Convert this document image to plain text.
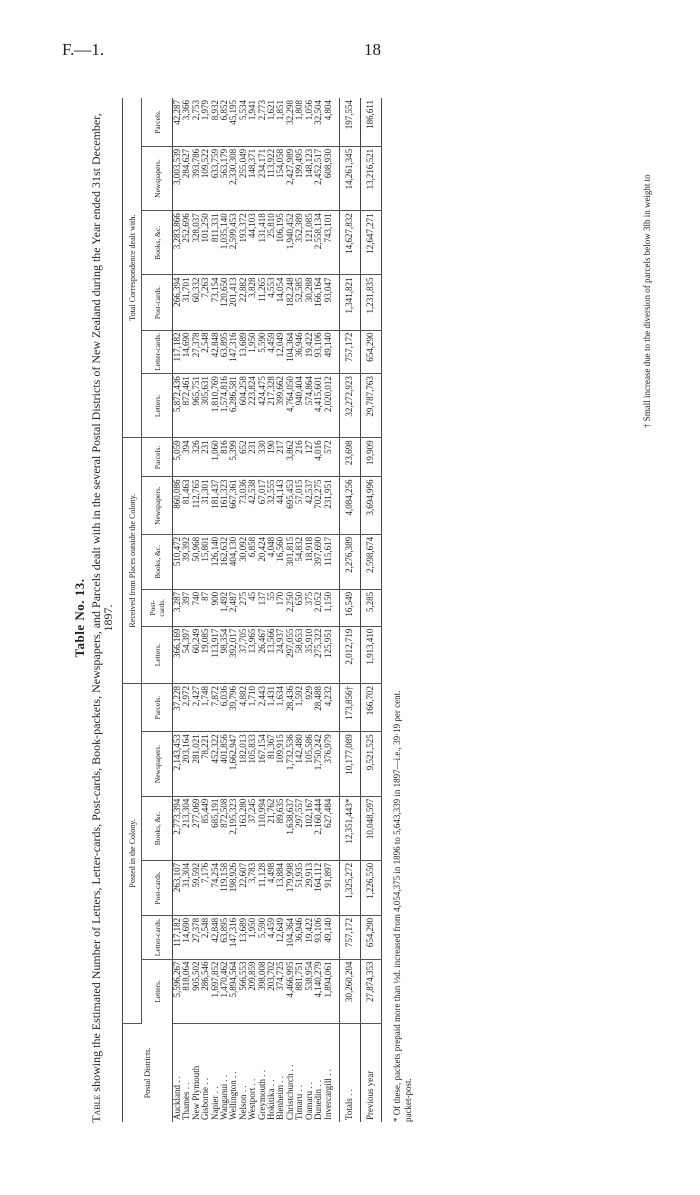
F.—1.	18
Table No. 13.
Table showing the Estimated Number of Letters, Letter-cards, Post-cards, Book-packets, Newspapers, and Parcels dealt with in the several Postal Districts of New Zealand during the Year ended 31st December, 1897.
Postal Districts.	Posted in the Colony.						Received from Places outside the Colony.					Total Correspondence dealt with.					
	Letters.	Letter-cards.	Post-cards.	Books, &c.	Newspapers.	Parcels.	Letters.	Post-cards.	Books, &c.	Newspapers.	Parcels.	Letters.	Letter-cards.	Post-cards.	Books, &c.	Newspapers.	Parcels.
Auckland . .	5,596,267	117,182	263,107	2,773,394	2,143,453	37,228	366,169	3,287	510,472	860,086	5,059	5,872,436	117,182	266,394	3,283,866	3,003,539	42,287
Thames . .	818,064	14,690	31,304	213,304	203,164	2,972	54,397	397	39,392	81,463	394	872,461	14,690	31,701	252,696	284,627	3,366
New Plymouth	905,502	27,378	59,592	277,069	281,021	2,427	60,249	740	50,968	112,765	326	965,751	27,378	60,332	328,037	393,786	2,753
Gisborne . .	286,546	2,548	7,176	85,449	78,221	1,748	19,085	87	15,801	31,301	231	305,631	2,548	7,263	101,250	109,522	1,979
Napier . .	1,697,852	42,848	74,254	685,191	452,322	7,872	113,917	900	126,140	181,437	1,060	1,810,769	42,848	73,154	811,331	633,759	8,932
Wanganui . .	1,470,462	63,895	119,158	872,508	401,856	6,036	98,354	1,492	162,632	161,323	816	1,574,816	63,895	120,650	1,035,140	563,179	6,852
Wellington . .	5,894,564	147,316	198,926	2,195,323	1,662,947	39,796	392,017	2,487	404,130	667,361	5,399	6,286,581	147,316	201,413	2,599,453	2,330,308	45,195
Nelson . .	566,553	13,689	22,607	163,280	182,013	4,882	37,705	275	30,092	73,036	652	604,258	13,689	22,882	193,372	255,049	5,534
Westport . .	209,859	1,950	3,783	37,245	105,833	1,710	13,965	45	6,858	42,538	231	223,824	1,950	3,828	44,103	148,371	1,941
Greymouth . .	398,008	5,590	11,128	110,994	167,154	2,443	26,467	137	20,424	67,017	330	424,475	5,590	11,265	131,418	234,171	2,773
Hokitika . .	203,702	4,459	4,498	21,762	81,367	1,431	13,566	55	4,048	32,555	190	217,328	4,459	4,553	25,810	113,922	1,621
Blenheim . .	374,725	12,649	13,884	89,635	109,915	1,634	24,937	170	16,560	44,143	217	399,662	12,049	14,054	106,195	154,058	1,851
Christchurch . .	4,466,995	104,364	179,998	1,638,637	1,732,536	28,436	297,055	2,250	301,815	695,453	3,862	4,764,050	104,364	182,248	1,940,452	2,427,989	32,298
Timaru . .	881,751	36,946	51,935	297,557	142,480	1,592	58,653	650	54,832	57,015	216	940,404	36,946	52,585	352,389	199,495	1,808
Oamaru . .	538,954	19,422	29,913	102,167	105,586	929	35,910	375	18,918	42,537	127	574,864	19,422	30,288	121,085	148,123	1,056
Dunedin . .	4,140,279	93,106	164,112	2,160,444	1,750,242	28,488	275,322	2,052	397,690	702,275	4,016	4,415,601	93,106	166,164	2,558,134	2,452,517	32,504
Invercargill . .	1,894,061	49,140	91,897	627,484	376,979	4,232	125,951	1,150	115,617	231,951	572	2,020,012	49,140	93,047	743,101	608,930	4,804

Totals . .	30,260,204	757,172	1,325,272	12,351,443*	10,177,089	173,856†	2,012,719	16,549	2,276,389	4,084,256	23,698	32,272,923	757,172	1,341,821	14,627,832	14,261,345	197,554
Previous year	27,874,353	654,290	1,226,550	10,048,597	9,521,525	166,702	1,913,410	5,285	2,598,674	3,694,996	19,909	29,787,763	654,290	1,231,835	12,647,271	13,216,521	186,611
* Of these, packets prepaid more than ½d. increased from 4,054,375 in 1896 to 5,643,339 in 1897—i.e., 39·19 per cent. packet-post.
† Small increase due to the diversion of parcels below 3lb in weight to
